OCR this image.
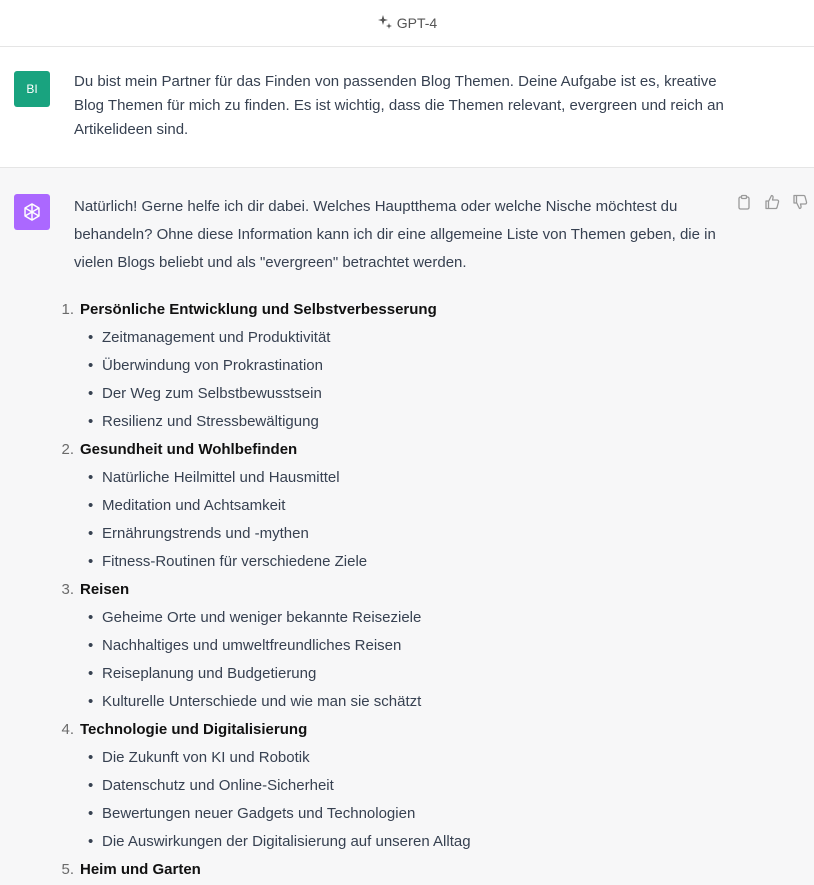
GPT-4
BI Du bist mein Partner für das Finden von passenden Blog Themen. Deine Aufgabe ist es, kreative Blog Themen für mich zu finden. Es ist wichtig, dass die Themen relevant, evergreen und reich an Artikelideen sind.
Natürlich! Gerne helfe ich dir dabei. Welches Hauptthema oder welche Nische möchtest du behandeln? Ohne diese Information kann ich dir eine allgemeine Liste von Themen geben, die in vielen Blogs beliebt und als "evergreen" betrachtet werden.
1. Persönliche Entwicklung und Selbstverbesserung
• Zeitmanagement und Produktivität
• Überwindung von Prokrastination
• Der Weg zum Selbstbewusstsein
• Resilienz und Stressbewältigung
2. Gesundheit und Wohlbefinden
• Natürliche Heilmittel und Hausmittel
• Meditation und Achtsamkeit
• Ernährungstrends und -mythen
• Fitness-Routinen für verschiedene Ziele
3. Reisen
• Geheime Orte und weniger bekannte Reiseziele
• Nachhaltiges und umweltfreundliches Reisen
• Reiseplanung und Budgetierung
• Kulturelle Unterschiede und wie man sie schätzt
4. Technologie und Digitalisierung
• Die Zukunft von KI und Robotik
• Datenschutz und Online-Sicherheit
• Bewertungen neuer Gadgets und Technologien
• Die Auswirkungen der Digitalisierung auf unseren Alltag
5. Heim und Garten
